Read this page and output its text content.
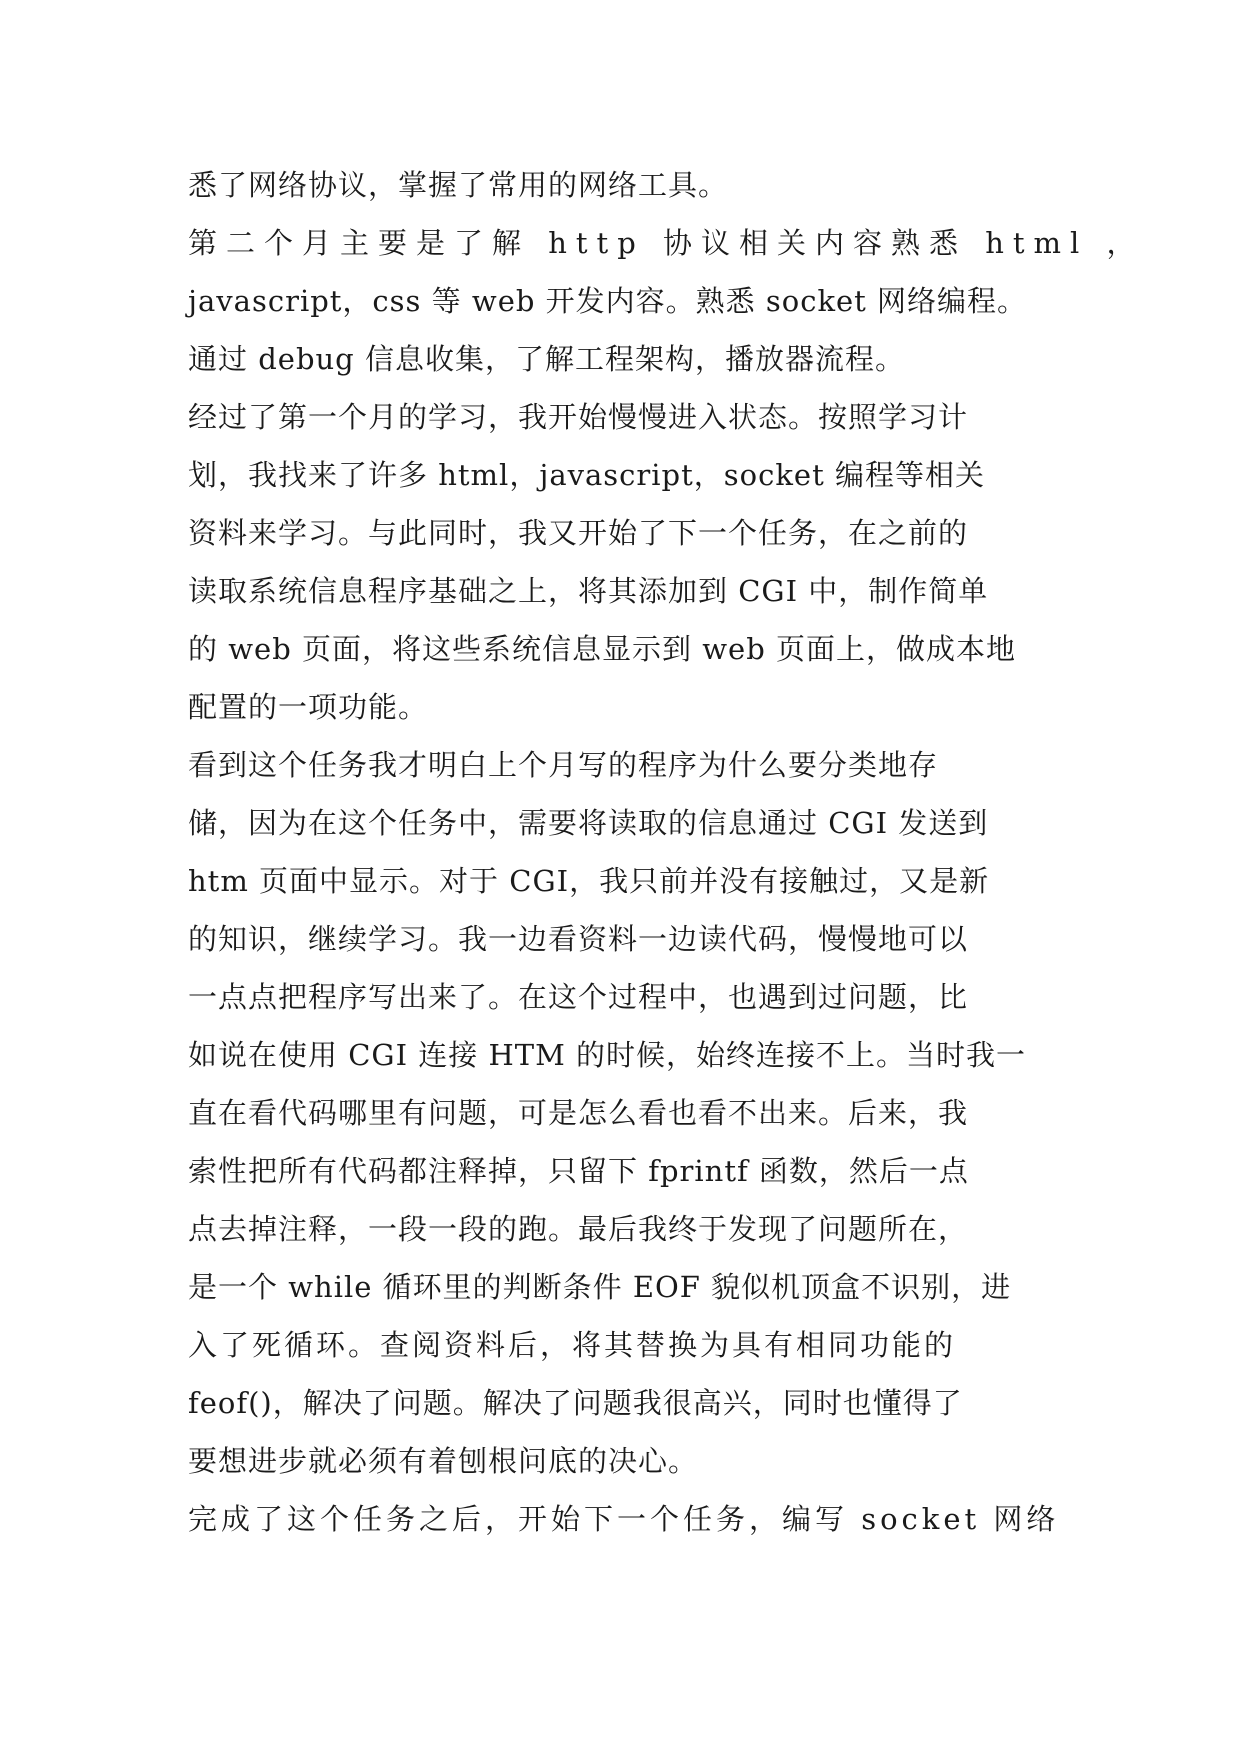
悉了网络协议，掌握了常用的网络工具。
第二个月主要是了解 http 协议相关内容熟悉 html ，
javascript，css 等 web 开发内容。熟悉 socket 网络编程。
通过 debug 信息收集，了解工程架构，播放器流程。
经过了第一个月的学习，我开始慢慢进入状态。按照学习计
划，我找来了许多 html，javascript，socket 编程等相关
资料来学习。与此同时，我又开始了下一个任务，在之前的
读取系统信息程序基础之上，将其添加到 CGI 中，制作简单
的 web 页面，将这些系统信息显示到 web 页面上，做成本地
配置的一项功能。
看到这个任务我才明白上个月写的程序为什么要分类地存
储，因为在这个任务中，需要将读取的信息通过 CGI 发送到
htm 页面中显示。对于 CGI，我只前并没有接触过，又是新
的知识，继续学习。我一边看资料一边读代码，慢慢地可以
一点点把程序写出来了。在这个过程中，也遇到过问题，比
如说在使用 CGI 连接 HTM 的时候，始终连接不上。当时我一
直在看代码哪里有问题，可是怎么看也看不出来。后来，我
索性把所有代码都注释掉，只留下 fprintf 函数，然后一点
点去掉注释，一段一段的跑。最后我终于发现了问题所在，
是一个 while 循环里的判断条件 EOF 貌似机顶盒不识别，进
入了死循环。查阅资料后，将其替换为具有相同功能的
feof()，解决了问题。解决了问题我很高兴，同时也懂得了
要想进步就必须有着刨根问底的决心。
完成了这个任务之后，开始下一个任务，编写 socket 网络
